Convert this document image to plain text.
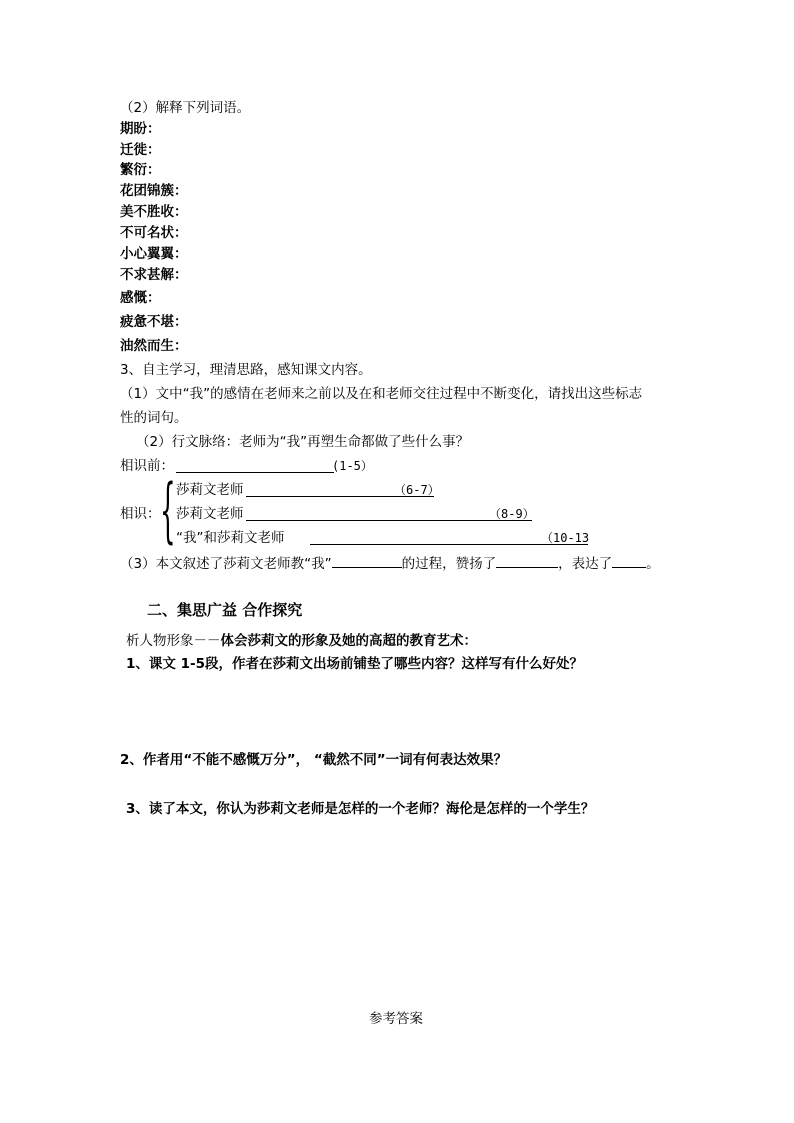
（2）解释下列词语。
期盼：
迁徙：
繁衍：
花团锦簇：
美不胜收：
不可名状：
小心翼翼：
不求甚解：
感慨：
疲惫不堪：
油然而生：
3、自主学习，理清思路，感知课文内容。
（1）文中“我”的感情在老师来之前以及在和老师交往过程中不断变化，请找出这些标志
性的词句。
（2）行文脉络：老师为“我”再塑生命都做了些什么事？
相识前：	(1-5）
相识： { 莎莉文老师	（6-7）
莎莉文老师	（8-9）
“我”和莎莉文老师	（10-13
（3）本文叙述了莎莉文老师教“我”	的过程，赞扬了	，表达了	。
二、集思广益 合作探究
析人物形象－－体会莎莉文的形象及她的高超的教育艺术：
1、课文 1-5段，作者在莎莉文出场前铺垫了哪些内容？这样写有什么好处？
2、作者用“不能不感慨万分”， “截然不同”一词有何表达效果？
3、读了本文，你认为莎莉文老师是怎样的一个老师？海伦是怎样的一个学生？
参考答案
